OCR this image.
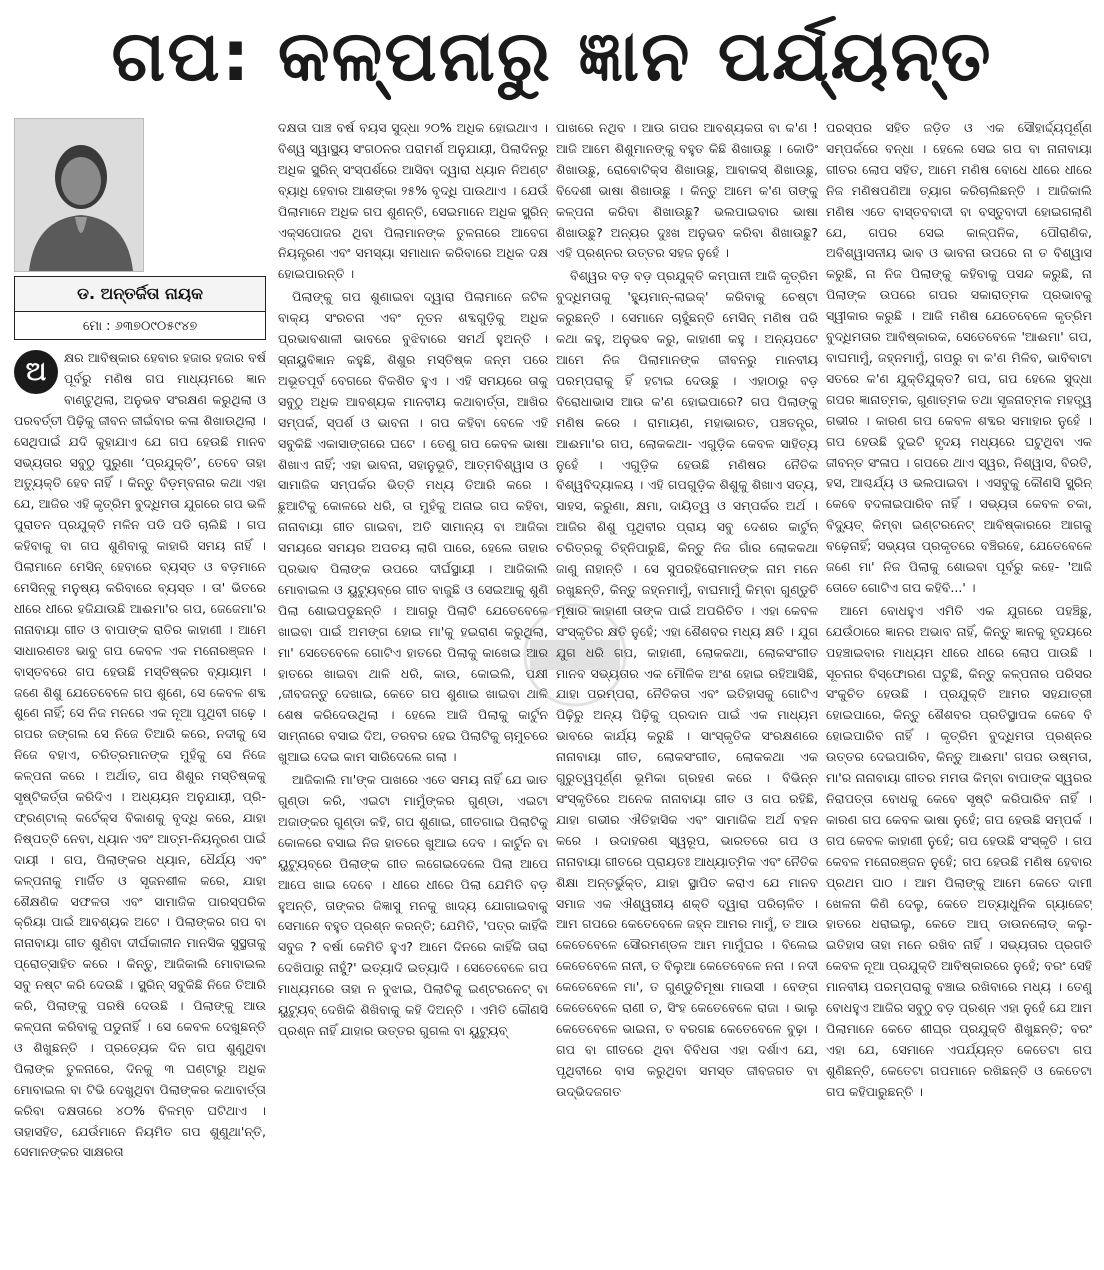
ଗପ: କଳ୍ପନାରୁ ଜ୍ଞାନ ପର୍ଯ୍ୟନ୍ତ
ଡ. ଅନ୍ତର୍ଜିତା ନାୟକ
ମୋ : ୬୩୭୦୯୦୫୯୪୭
ଅ	କ୍ଷର ଆବିଷ୍କାର ହେବାର ହଜାର ହଜାର ବର୍ଷ ପୂର୍ବରୁ ମଣିଷ ଗପ ମାଧ୍ୟମରେ ଜ୍ଞାନ ବାଣ୍ଟୁଥିଲା, ଅନୁଭବ ସଂରକ୍ଷଣ କରୁଥିଲା ଓ ପରବର୍ତ୍ତୀ ପିଢ଼ିକୁ ଜୀବନ ଜୀଇଁବାର କଳା ଶିଖାଉଥିଲା । ସେଥିପାଇଁ ଯଦି କୁହାଯାଏ ଯେ ଗପ ହେଉଛି ମାନବ ସଭ୍ୟତାର ସବୁଠୁ ପୁରୁଣା ‘ପ୍ରଯୁକ୍ତି’, ତେବେ ତାହା ଅତ୍ୟୁକ୍ତି ହେବ ନାହିଁ । କିନ୍ତୁ ବିଡ଼ମ୍ବନାର କଥା ଏହା ଯେ, ଆଜିର ଏହି କୃତ୍ରିମ ବୁଦ୍ଧିମତା ଯୁଗରେ ଗପ ଭଳି ପୁରାତନ ପ୍ରଯୁକ୍ତି ମଳିନ ପଡି ପଡି ଚାଲିଛି । ଗପ କହିବାକୁ ବା ଗପ ଶୁଣିବାକୁ କାହାରି ସମୟ ନାହିଁ । ପିଲାମାନେ ମେସିନ୍ ହେବାରେ ବ୍ୟସ୍ତ ଓ ବଡ଼ମାନେ ମେସିନ୍‌କୁ ମନୁଷ୍ୟ କରିବାରେ ବ୍ୟସ୍ତ । ତା' ଭିତରେ ଧୀରେ ଧୀରେ ହଜିଯାଉଛି ଆଈମା'ର ଗପ, ଜେଜେମା'ର ନାନାବାୟା ଗୀତ ଓ ବାପାଙ୍କ ରାତିର କାହାଣୀ । ଆମେ ସାଧାରଣତଃ ଭାବୁ ଗପ କେବଳ ଏକ ମନୋରଞ୍ଜନ । ବାସ୍ତବରେ ଗପ ହେଉଛି ମସ୍ତିଷ୍କର ବ୍ୟାୟାମ । ଜଣେ ଶିଶୁ ଯେତେବେଳେ ଗପ ଶୁଣେ, ସେ କେବଳ ଶବ୍ଦ ଶୁଣେ ନାହିଁ; ସେ ନିଜ ମନରେ ଏକ ନୂଆ ପୃଥିବୀ ଗଢ଼େ । ଗପର ଜଙ୍ଗଲ ସେ ନିଜେ ତିଆରି କରେ, ନଦୀକୁ ସେ ନିଜେ ବହାଏ, ଚରିତ୍ରମାନଙ୍କ ମୁହଁକୁ ସେ ନିଜେ କଳ୍ପନା କରେ । ଅର୍ଥାତ୍, ଗପ ଶିଶୁର ମସ୍ତିଷ୍କକୁ ସୃଷ୍ଟିକର୍ତ୍ତା କରିଦିଏ । ଅଧ୍ୟୟନ ଅନୁଯାୟୀ, ପ୍ରି-ଫ୍ରଣ୍ଟାଲ୍ କର୍ଟେକ୍ସ ବିକାଶକୁ ବୃଦ୍ଧି କରେ, ଯାହା ନିଷ୍ପତ୍ତି ନେବା, ଧ୍ୟାନ ଏବଂ ଆତ୍ମ-ନିୟନ୍ତ୍ରଣ ପାଇଁ ଦାୟୀ । ଗପ, ପିଲାଙ୍କର ଧ୍ୟାନ, ଧୈର୍ଯ୍ୟ ଏବଂ କଳ୍ପନାକୁ ମାର୍ଜିତ ଓ ସୃଜନଶୀଳ କରେ, ଯାହା ଶୈକ୍ଷଣିକ ସଫଳତା ଏବଂ ସାମାଜିକ ପାରସ୍ପରିକ କ୍ରିୟା ପାଇଁ ଆବଶ୍ୟକ ଅଟେ । ପିଲାଙ୍କର ଗପ ବା ନାନାବାୟା ଗୀତ ଶୁଣିବା ଦୀର୍ଘକାଳୀନ ମାନସିକ ସୁସ୍ଥତାକୁ ପ୍ରୋତ୍ସାହିତ କରେ । କିନ୍ତୁ, ଆଜିକାଲି ମୋବାଇଲ ସବୁ ନଷ୍ଟ କରି ଦେଉଛି । ସ୍କ୍ରିନ୍ ସବୁକିଛି ନିଜେ ତିଆରି କରି, ପିଲାଙ୍କୁ ପରଷି ଦେଉଛି । ପିଲାଙ୍କୁ ଆଉ କଳ୍ପନା କରିବାକୁ ପଡୁନାହିଁ । ସେ କେବଳ ଦେଖୁଛନ୍ତି ଓ ଶିଖୁଛନ୍ତି । ପ୍ରତ୍ୟେକ ଦିନ ଗପ ଶୁଣୁଥିବା ପିଲାଙ୍କ ତୁଳନାରେ, ଦିନକୁ ୩ ଘଣ୍ଟାରୁ ଅଧିକ ମୋବାଇଲ ବା ଟିଭି ଦେଖୁଥିବା ପିଲାଙ୍କର କଥାବାର୍ତ୍ତା କରିବା ଦକ୍ଷତାରେ ୪୦% ବିଳମ୍ବ ଘଟିଥାଏ । ତାହାସହିତ, ଯେଉଁମାନେ ନିୟମିତ ଗପ ଶୁଣୁଥା'ନ୍ତି, ସେମାନଙ୍କର ସାକ୍ଷରତା

ଦକ୍ଷତା ପାଞ୍ଚ ବର୍ଷ ବୟସ ସୁଦ୍ଧା ୨୦% ଅଧିକ ହୋଇଥାଏ । ବିଶ୍ୱ ସ୍ୱାସ୍ଥ୍ୟ ସଂଗଠନର ପରାମର୍ଶ ଅନୁଯାୟୀ, ପିଲାଦିନରୁ ଅଧିକ ସ୍କ୍ରିନ୍ ସଂସ୍ପର୍ଶରେ ଆସିବା ଦ୍ୱାରା ଧ୍ୟାନ ନିଅଣ୍ଟ ବ୍ୟାଧି ହେବାର ଆଶଙ୍କା ୨୫% ବୃଦ୍ଧି ପାଉଥାଏ । ଯେଉଁ ପିଲାମାନେ ଅଧିକ ଗପ ଶୁଣନ୍ତି, ସେଇମାନେ ଅଧିକ ସ୍କ୍ରିନ୍ ଏକ୍ସପୋଜର ଥିବା ପିଲାମାନଙ୍କ ତୁଳନାରେ ଆବେଗ ନିୟନ୍ତ୍ରଣ ଏବଂ ସମସ୍ୟା ସମାଧାନ କରିବାରେ ଅଧିକ ଦକ୍ଷ ହୋଇପାରନ୍ତି ।

ପିଲାଙ୍କୁ ଗପ ଶୁଣାଇବା ଦ୍ୱାରା ପିଲାମାନେ ଜଟିଳ ବାକ୍ୟ ସଂରଚନା ଏବଂ ନୂତନ ଶବ୍ଦଗୁଡ଼ିକୁ ଅଧିକ ପ୍ରଭାବଶାଳୀ ଭାବରେ ବୁଝିବାରେ ସମର୍ଥ ହୁଅନ୍ତି । ସ୍ନାୟୁବିଜ୍ଞାନ କହୁଛି, ଶିଶୁର ମସ୍ତିଷ୍କ ଜନ୍ମ ପରେ ଅଭୂତପୂର୍ବ ବେଗରେ ବିକଶିତ ହୁଏ । ଏହି ସମୟରେ ତାକୁ ସବୁଠୁ ଅଧିକ ଆବଶ୍ୟକ ମାନବୀୟ କଥାବାର୍ତ୍ତା, ଆଖିର ସମ୍ପର୍କ, ସ୍ପର୍ଶ ଓ ଭାବନା । ଗପ କହିବା ବେଳେ ଏହି ସବୁକିଛି ଏକାସାଙ୍ଗରେ ଘଟେ । ତେଣୁ ଗପ କେବଳ ଭାଷା ଶିଖାଏ ନାହିଁ; ଏହା ଭାବନା, ସହାନୁଭୂତି, ଆତ୍ମବିଶ୍ୱାସ ଓ ସାମାଜିକ ସମ୍ପର୍କର ଭିତ୍ତି ମଧ୍ୟ ତିଆରି କରେ । ଛୁଆଟିକୁ କୋଳରେ ଧରି, ତା ମୁହଁକୁ ଅନାଇ ଗପ କହିବା, ନାନାବାୟା ଗୀତ ଗାଇବା, ଅତି ସାମାନ୍ୟ ବା ଆଜିକା ସମୟରେ ସମୟର ଅପଚୟ ଲାଗି ପାରେ, ହେଲେ ତାହାର ପ୍ରଭାବ ପିଲାଙ୍କ ଉପରେ ଦୀର୍ଘସ୍ଥାୟୀ । ଆଜିକାଲି ମୋବାଇଲ ଓ ୟୁଟ୍ୟୁବ୍‌ରେ ଗୀତ ବାଜୁଛି ଓ ସେଇଆକୁ ଶୁଣି ପିଲା ଶୋଇପଡୁଛନ୍ତି । ଆଗରୁ ପିଲାଟି ଯେତେବେଳେ ଖାଇବା ପାଇଁ ଅମଙ୍ଗ ହୋଇ ମା'କୁ ହଇରାଣ କରୁଥିଲା, ମା' ସେତେବେଳେ ଗୋଟିଏ ହାତରେ ପିଲାକୁ କାଖେଇ ଆର ହାତରେ ଖାଇବା ଥାଳି ଧରି, କାଉ, କୋଇଲି, ପକ୍ଷୀ ,ଜୀବଜନ୍ତୁ ଦେଖାଇ, କେତେ ଗପ ଶୁଣାଇ ଖାଇବା ଥାଳି ଶେଷ କରିଦେଉଥିଲା । ହେଲେ ଆଜି ପିଲାକୁ କାର୍ଟୁନ ସାମ୍ନାରେ ବସାଇ ଦିଅ, ତରବର ହେଇ ପିଲାଟିକୁ ଚାମୁଚରେ ଖୁଆଇ ଦେଇ କାମ ସାରିଦେଲେ ଗଲା ।

ଆଜିକାଲି ମା'ଙ୍କ ପାଖରେ ଏତେ ସମୟ ନାହିଁ ଯେ ଭାତ ଗୁଣ୍ଡା କରି, ଏଇଟା ମାମୁଁଙ୍କର ଗୁଣ୍ଡା, ଏଇଟା ଅଜାଙ୍କର ଗୁଣ୍ଡା କହି, ଗପ ଶୁଣାଇ, ଗୀତଗାଇ ପିଲାଟିକୁ କୋଳରେ ବସାଇ ନିଜ ହାତରେ ଖୁଆଇ ଦେବ । କାର୍ଟୁନ ବା ୟୁଟ୍ୟୁବ୍‌ରେ ପିଲାଙ୍କ ଗୀତ ଲଗେଇଦେଲେ ପିଲା ଆପେ ଆପେ ଖାଇ ଦେବେ । ଧୀରେ ଧୀରେ ପିଲା ଯେମିତି ବଡ଼ ହୁଅନ୍ତି, ତାଙ୍କର ଜିଜ୍ଞାସୁ ମନକୁ ଖାଦ୍ୟ ଯୋଗାଇବାକୁ ସେମାନେ ବହୁତ ପ୍ରଶ୍ନ କରନ୍ତି; ଯେମିତି, 'ପତ୍ର କାହିଁକି ସବୁଜ ? ବର୍ଷା କେମିତି ହୁଏ? ଆମେ ଦିନରେ କାହିଁକି ତାରା ଦେଖିପାରୁ ନାହୁଁ?' ଇତ୍ୟାଦି ଇତ୍ୟାଦି । ସେତେବେଳେ ଗପ ମାଧ୍ୟମରେ ତାହା ନ ବୁଝାଇ, ପିଲାଟିକୁ ଇଣ୍ଟରନେଟ୍ ବା ୟୁଟ୍ୟୁବ୍ ଦେଖିକି ଶିଖିବାକୁ କହି ଦିଅନ୍ତି । ଏମିତି କୌଣସି ପ୍ରଶ୍ନ ନାହିଁ ଯାହାର ଉତ୍ତର ଗୁଗଲ ବା ୟୁଟ୍ୟୁବ୍

ପାଖରେ ନଥିବ । ଆଉ ଗପର ଆବଶ୍ୟକତା ବା କ'ଣ ! ଆଜି ଆମେ ଶିଶୁମାନଙ୍କୁ ବହୁତ କିଛି ଶିଖାଉଛୁ । କୋଡିଂ ଶିଖାଉଛୁ, ରୋବୋଟିକ୍ସ ଶିଖାଉଛୁ, ଆବାକସ୍ ଶିଖାଉଛୁ, ବିଦେଶୀ ଭାଷା ଶିଖାଉଛୁ । କିନ୍ତୁ ଆମେ କ'ଣ ତାଙ୍କୁ କଳ୍ପନା କରିବା ଶିଖାଉଛୁ? ଭଲପାଇବାର ଭାଷା ଶିଖାଉଛୁ? ଅନ୍ୟର ଦୁଃଖ ଅନୁଭବ କରିବା ଶିଖାଉଛୁ? ଏହି ପ୍ରଶ୍ନର ଉତ୍ତର ସହଜ ନୁହେଁ ।

ବିଶ୍ୱର ବଡ଼ ବଡ଼ ପ୍ରଯୁକ୍ତି କମ୍ପାନୀ ଆଜି କୃତ୍ରିମ ବୁଦ୍ଧିମତାକୁ 'ହ୍ୟୁମାନ୍-ଲାଇକ୍' କରିବାକୁ ଚେଷ୍ଟା କରୁଛନ୍ତି । ସେମାନେ ଚାହୁଁଛନ୍ତି ମେସିନ୍ ମଣିଷ ପରି କଥା କହୁ, ଅନୁଭବ କରୁ, କାହାଣୀ କହୁ । ଅନ୍ୟପଟେ ଆମେ ନିଜ ପିଲାମାନଙ୍କ ଜୀବନରୁ ମାନବୀୟ ପରମ୍ପରାକୁ ହିଁ ହଟାଇ ଦେଉଛୁ । ଏହାଠାରୁ ବଡ଼ ବିରୋଧାଭାସ ଆଉ କ'ଣ ହୋଇପାରେ? ଗପ ପିଲାଙ୍କୁ ମଣିଷ କରେ । ରାମାୟଣ, ମହାଭାରତ, ପଞ୍ଚତନ୍ତ୍ର, ଆଈମା'ର ଗପ, ଲୋକକଥା- ଏଗୁଡ଼ିକ କେବଳ ସାହିତ୍ୟ ନୁହେଁ । ଏଗୁଡ଼ିକ ହେଉଛି ମଣିଷର ନୈତିକ ବିଶ୍ୱବିଦ୍ୟାଳୟ । ଏହି ଗପଗୁଡ଼ିକ ଶିଶୁକୁ ଶିଖାଏ ସତ୍ୟ, ସାହସ, କରୁଣା, କ୍ଷମା, ଦାୟିତ୍ୱ ଓ ସମ୍ପର୍କର ଅର୍ଥ । ଆଜିର ଶିଶୁ ପୃଥିବୀର ପ୍ରାୟ ସବୁ ଦେଶର କାର୍ଟୁନ୍ ଚରିତ୍ରକୁ ଚିହ୍ନିପାରୁଛି, କିନ୍ତୁ ନିଜ ଗାଁର ଲୋକକଥା ଜାଣୁ ନାହାନ୍ତି । ସେ ସୁପରହିରୋମାନଙ୍କ ନାମ ମନେ ରଖୁଛନ୍ତି, କିନ୍ତୁ ଜହ୍ନମାମୁଁ, ବାଘମାମୁଁ କିମ୍ବା ଗୁଣ୍ଡୁଚି ମୂଷାର କାହାଣୀ ତାଙ୍କ ପାଇଁ ଅପରିଚିତ । ଏହା କେବଳ ସଂସ୍କୃତିର କ୍ଷତି ନୁହେଁ; ଏହା ଶୈଶବର ମଧ୍ୟ କ୍ଷତି । ଯୁଗ ଯୁଗ ଧରି ଗପ, କାହାଣୀ, ଲୋକକଥା, ଲୋକସଂଗୀତ ମାନବ ସଭ୍ୟତାର ଏକ ମୌଳିକ ଅଂଶ ହୋଇ ରହିଆସିଛି, ଯାହା ପରମ୍ପରା, ନୈତିକତା ଏବଂ ଇତିହାସକୁ ଗୋଟିଏ ପିଢ଼ିରୁ ଅନ୍ୟ ପିଢ଼ିକୁ ପ୍ରଦାନ ପାଇଁ ଏକ ମାଧ୍ୟମ ଭାବରେ କାର୍ଯ୍ୟ କରୁଛି । ସାଂସ୍କୃତିକ ସଂରକ୍ଷଣରେ ନାନାବାୟା ଗୀତ, ଲୋକସଂଗୀତ, ଲୋକକଥା ଏକ ଗୁରୁତ୍ୱପୂର୍ଣ୍ଣ ଭୂମିକା ଗ୍ରହଣ କରେ । ବିଭିନ୍ନ ସଂସ୍କୃତିରେ ଅନେକ ନାନାବାୟା ଗୀତ ଓ ଗପ ରହିଛି, ଯାହା ଗଭୀର ଐତିହାସିକ ଏବଂ ସାମାଜିକ ଅର୍ଥ ବହନ କରେ । ଉଦାହରଣ ସ୍ୱରୂପ, ଭାରତରେ ଗପ ଓ ନାନାବାୟା ଗୀତରେ ପ୍ରାୟତଃ ଆଧ୍ୟାତ୍ମିକ ଏବଂ ନୈତିକ ଶିକ୍ଷା ଅନ୍ତର୍ଭୁକ୍ତ, ଯାହା ସ୍ଥାପିତ କରାଏ ଯେ ମାନବ ସମାଜ ଏକ ଐଶ୍ୱରୀୟ ଶକ୍ତି ଦ୍ୱାରା ପରିଚାଳିତ । ଆମ ଗପରେ କେତେବେଳେ ଜହ୍ନ ଆମର ମାମୁଁ, ତ ଆଉ କେତେବେଳେ ସୌରମଣ୍ଡଳ ଆମ ମାମୁଁଘର । ବିଲେଇ କେତେବେଳେ ନାନୀ, ତ ବିଲୁଆ କେତେବେଳେ ନନା । ନଦୀ କେତେବେଳେ ମା', ତ ଗୁଣ୍ଡୁଚିମୂଷା ମାଉସୀ । ବେଙ୍ଗ କେତେବେଳେ ରାଣୀ ତ, ସିଂହ କେତେବେଳେ ରାଜା । ଭାଲୁ କେତେବେଳେ ଭାଇନା, ତ ବରଗଛ କେତେବେଳେ ବୁଢ଼ା । ଗପ ବା ଗୀତରେ ଥିବା ବିବିଧତା ଏହା ଦର୍ଶାଏ ଯେ, ପୃଥିବୀରେ ବାସ କରୁଥିବା ସମସ୍ତ ଜୀବଜଗତ ବା ଉଦ୍ଭିଦଜଗତ

ପରସ୍ପର ସହିତ ଜଡ଼ିତ ଓ ଏକ ସୌହାର୍ଦ୍ଦ୍ୟପୂର୍ଣ୍ଣ ସମ୍ପର୍କରେ ବନ୍ଧା । ହେଲେ ସେଇ ଗପ ବା ନାନାବାୟା ଗୀତର ଲୋପ ସହିତ, ଆମେ ମଣିଷ ବୋଧେ ଧୀରେ ଧୀରେ ନିଜ ମଣିଷପଣିଆ ତ୍ୟାଗ କରିଚାଲିଛନ୍ତି । ଆଜିକାଲି ମଣିଷ ଏତେ ବାସ୍ତବବାଦୀ ବା ବସ୍ତୁବାଦୀ ହୋଇଗଲାଣି ଯେ, ଗପର ସେଇ କାଳ୍ପନିକ, ପୌରାଣିକ, ଅବିଶ୍ୱାସନୀୟ ଭାବ ଓ ଭାବନା ଉପରେ ନା ତ ବିଶ୍ୱାସ କରୁଛି, ନା ନିଜ ପିଲାଙ୍କୁ କହିବାକୁ ପସନ୍ଦ କରୁଛି, ନା ପିଲାଙ୍କ ଉପରେ ଗପର ସକାରାତ୍ମକ ପ୍ରଭାବକୁ ସ୍ୱୀକାର କରୁଛି । ଆଜି ମଣିଷ ଯେତେବେଳେ କୃତ୍ରିମ ବୁଦ୍ଧିମତାର ଆବିଷ୍କାରକ, ସେତେବେଳେ 'ଆଈମା' ଗପ, ବାଘମାମୁଁ, ଜହ୍ନମାମୁଁ, ଗପରୁ ବା କ'ଣ ମିଳିବ, ଭାବିବାଟା ସତରେ କ'ଣ ଯୁକ୍ତିଯୁକ୍ତ? ଗପ, ଗପ ହେଲେ ସୁଦ୍ଧା ଗପର ଜ୍ଞାନାତ୍ମକ, ଗୁଣାତ୍ମକ ତଥା ସୃଜନାତ୍ମକ ମହତ୍ତ୍ୱ ଗଭୀର । କାରଣ ଗପ କେବଳ ଶବ୍ଦର ସମାହାର ନୁହେଁ । ଗପ ହେଉଛି ଦୁଇଟି ହୃଦୟ ମଧ୍ୟରେ ଘଟୁଥିବା ଏକ ଜୀବନ୍ତ ସଂଳାପ । ଗପରେ ଥାଏ ସ୍ୱର, ନିଶ୍ୱାସ, ବିରତି, ହସ, ଆଶ୍ଚର୍ଯ୍ୟ ଓ ଭଲପାଇବା । ଏସବୁକୁ କୌଣସି ସ୍କ୍ରିନ୍ କେବେ ବଦଳାଇପାରିବ ନାହିଁ । ସଭ୍ୟତା କେବଳ ଚକା, ବିଦ୍ୟୁତ୍ କିମ୍ବା ଇଣ୍ଟରନେଟ୍ ଆବିଷ୍କାରରେ ଆଗକୁ ବଢ଼େନାହିଁ; ସଭ୍ୟତା ପ୍ରକୃତରେ ବଞ୍ଚିରହେ, ଯେତେବେଳେ ଜଣେ ମା' ନିଜ ପିଲାକୁ ଶୋଇବା ପୂର୍ବରୁ କହେ- 'ଆଜି ତୋତେ ଗୋଟିଏ ଗପ କହିବି...' ।

ଆମେ ବୋଧହୁଏ ଏମିତି ଏକ ଯୁଗରେ ପହଞ୍ଚିଛୁ, ଯେଉଁଠାରେ ଜ୍ଞାନର ଅଭାବ ନାହିଁ, କିନ୍ତୁ ଜ୍ଞାନକୁ ହୃଦୟରେ ପହଞ୍ଚାଇବାର ମାଧ୍ୟମ ଧୀରେ ଧୀରେ ଲୋପ ପାଉଛି । ସୂଚନାର ବିସ୍ଫୋରଣ ଘଟୁଛି, କିନ୍ତୁ କଳ୍ପନାର ପରିସର ସଂକୁଚିତ ହେଉଛି । ପ୍ରଯୁକ୍ତି ଆମର ସହଯାତ୍ରୀ ହୋଇପାରେ, କିନ୍ତୁ ଶୈଶବର ପ୍ରତିସ୍ଥାପକ କେବେ ବି ହୋଇପାରିବ ନାହିଁ । କୃତ୍ରିମ ବୁଦ୍ଧିମତା ପ୍ରଶ୍ନର ଉତ୍ତର ଦେଇପାରିବ, କିନ୍ତୁ ଆଈମା' ଗପର ଉଷ୍ମତା, ମା'ର ନାନାବାୟା ଗୀତର ମମତା କିମ୍ବା ବାପାଙ୍କ ସ୍ୱରର ନିରାପତ୍ତା ବୋଧକୁ କେବେ ସୃଷ୍ଟି କରିପାରିବ ନାହିଁ । କାରଣ ଗପ କେବଳ ଭାଷା ନୁହେଁ; ଗପ ହେଉଛି ସମ୍ପର୍କ । ଗପ କେବଳ କାହାଣୀ ନୁହେଁ; ଗପ ହେଉଛି ସଂସ୍କୃତି । ଗପ କେବଳ ମନୋରଞ୍ଜନ ନୁହେଁ; ଗପ ହେଉଛି ମଣିଷ ହେବାର ପ୍ରଥମ ପାଠ । ଆମ ପିଲାଙ୍କୁ ଆମେ କେତେ ଦାମୀ ଖେଳନା କିଣି ଦେଲୁ, କେତେ ଅତ୍ୟାଧୁନିକ ଗ୍ୟାଜେଟ୍ ହାତରେ ଧରାଇଲୁ, କେତେ ଆପ୍ ଡାଉନଲୋଡ୍ କଲୁ- ଇତିହାସ ତାହା ମନେ ରଖିବ ନାହିଁ । ସଭ୍ୟତାର ପ୍ରଗତି କେବଳ ନୂଆ ପ୍ରଯୁକ୍ତି ଆବିଷ୍କାରରେ ନୁହେଁ; ବରଂ ସେହି ମାନବୀୟ ପରମ୍ପରାକୁ ବଞ୍ଚାଇ ରଖିବାରେ ମଧ୍ୟ । ତେଣୁ ବୋଧହୁଏ ଆଜିର ସବୁଠୁ ବଡ଼ ପ୍ରଶ୍ନ ଏହା ନୁହେଁ ଯେ ଆମ ପିଲାମାନେ କେତେ ଶୀଘ୍ର ପ୍ରଯୁକ୍ତି ଶିଖୁଛନ୍ତି; ବରଂ ଏହା ଯେ, ସେମାନେ ଏପର୍ଯ୍ୟନ୍ତ କେତେଟା ଗପ ଶୁଣିଛନ୍ତି, କେତେଟା ଗପମାନେ ରଖିଛନ୍ତି ଓ କେତେଟା ଗପ କହିପାରୁଛନ୍ତି ।
